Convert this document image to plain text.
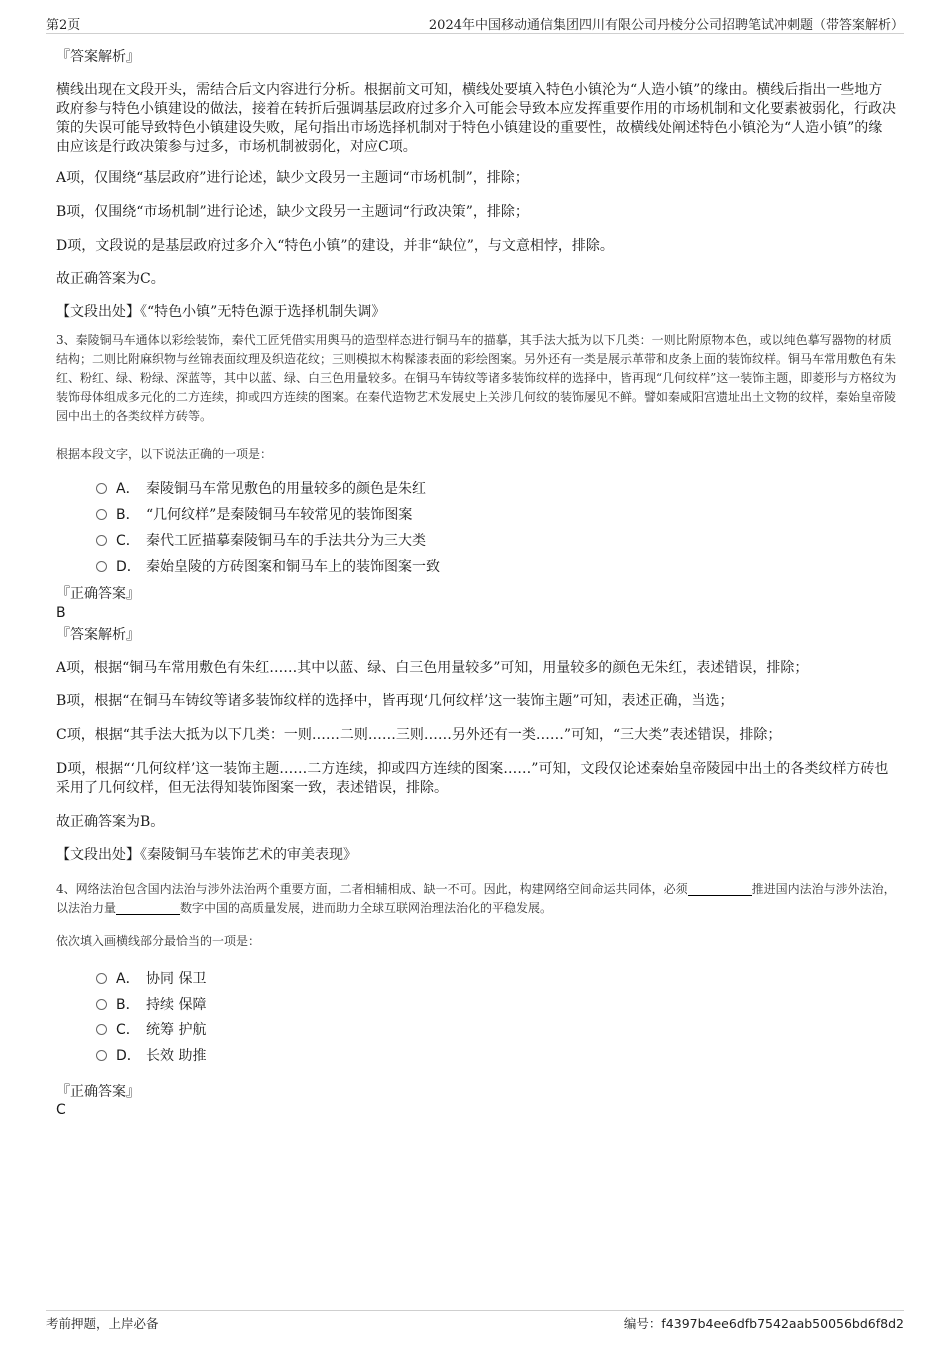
第2页	2024年中国移动通信集团四川有限公司丹棱分公司招聘笔试冲刺题（带答案解析）
『答案解析』
横线出现在文段开头，需结合后文内容进行分析。根据前文可知，横线处要填入特色小镇沦为“人造小镇”的缘由。横线后指出一些地方政府参与特色小镇建设的做法，接着在转折后强调基层政府过多介入可能会导致本应发挥重要作用的市场机制和文化要素被弱化，行政决策的失误可能导致特色小镇建设失败，尾句指出市场选择机制对于特色小镇建设的重要性，故横线处阐述特色小镇沦为“人造小镇”的缘由应该是行政决策参与过多，市场机制被弱化，对应C项。
A项，仅围绕“基层政府”进行论述，缺少文段另一主题词“市场机制”，排除；
B项，仅围绕“市场机制”进行论述，缺少文段另一主题词“行政决策”，排除；
D项，文段说的是基层政府过多介入“特色小镇”的建设，并非“缺位”，与文意相悖，排除。
故正确答案为C。
【文段出处】《“特色小镇”无特色源于选择机制失调》
3、秦陵铜马车通体以彩绘装饰，秦代工匠凭借实用舆马的造型样态进行铜马车的描摹，其手法大抵为以下几类：一则比附原物本色，或以纯色摹写器物的材质结构；二则比附麻织物与丝锦表面纹理及织造花纹；三则模拟木构髹漆表面的彩绘图案。另外还有一类是展示革带和皮条上面的装饰纹样。铜马车常用敷色有朱红、粉红、绿、粉绿、深蓝等，其中以蓝、绿、白三色用量较多。在铜马车铸纹等诸多装饰纹样的选择中，皆再现“几何纹样”这一装饰主题，即菱形与方格纹为装饰母体组成多元化的二方连续，抑或四方连续的图案。在秦代造物艺术发展史上关涉几何纹的装饰屡见不鲜。譬如秦咸阳宫遗址出土文物的纹样，秦始皇帝陵园中出土的各类纹样方砖等。
根据本段文字，以下说法正确的一项是：
A． 秦陵铜马车常见敷色的用量较多的颜色是朱红
B． “几何纹样”是秦陵铜马车较常见的装饰图案
C． 秦代工匠描摹秦陵铜马车的手法共分为三大类
D． 秦始皇陵的方砖图案和铜马车上的装饰图案一致
『正确答案』
B
『答案解析』
A项，根据“铜马车常用敷色有朱红……其中以蓝、绿、白三色用量较多”可知，用量较多的颜色无朱红，表述错误，排除；
B项，根据“在铜马车铸纹等诸多装饰纹样的选择中，皆再现‘几何纹样’这一装饰主题”可知，表述正确，当选；
C项，根据“其手法大抵为以下几类：一则……二则……三则……另外还有一类……”可知，“三大类”表述错误，排除；
D项，根据“‘几何纹样’这一装饰主题……二方连续，抑或四方连续的图案……”可知，文段仅论述秦始皇帝陵园中出土的各类纹样方砖也采用了几何纹样，但无法得知装饰图案一致，表述错误，排除。
故正确答案为B。
【文段出处】《秦陵铜马车装饰艺术的审美表现》
4、网络法治包含国内法治与涉外法治两个重要方面，二者相辅相成、缺一不可。因此，构建网络空间命运共同体，必须	推进国内法治与涉外法治，以法治力量	数字中国的高质量发展，进而助力全球互联网治理法治化的平稳发展。
依次填入画横线部分最恰当的一项是：
A． 协同 保卫
B． 持续 保障
C． 统筹 护航
D． 长效 助推
『正确答案』
C
考前押题，上岸必备	编号：f4397b4ee6dfb7542aab50056bd6f8d2
